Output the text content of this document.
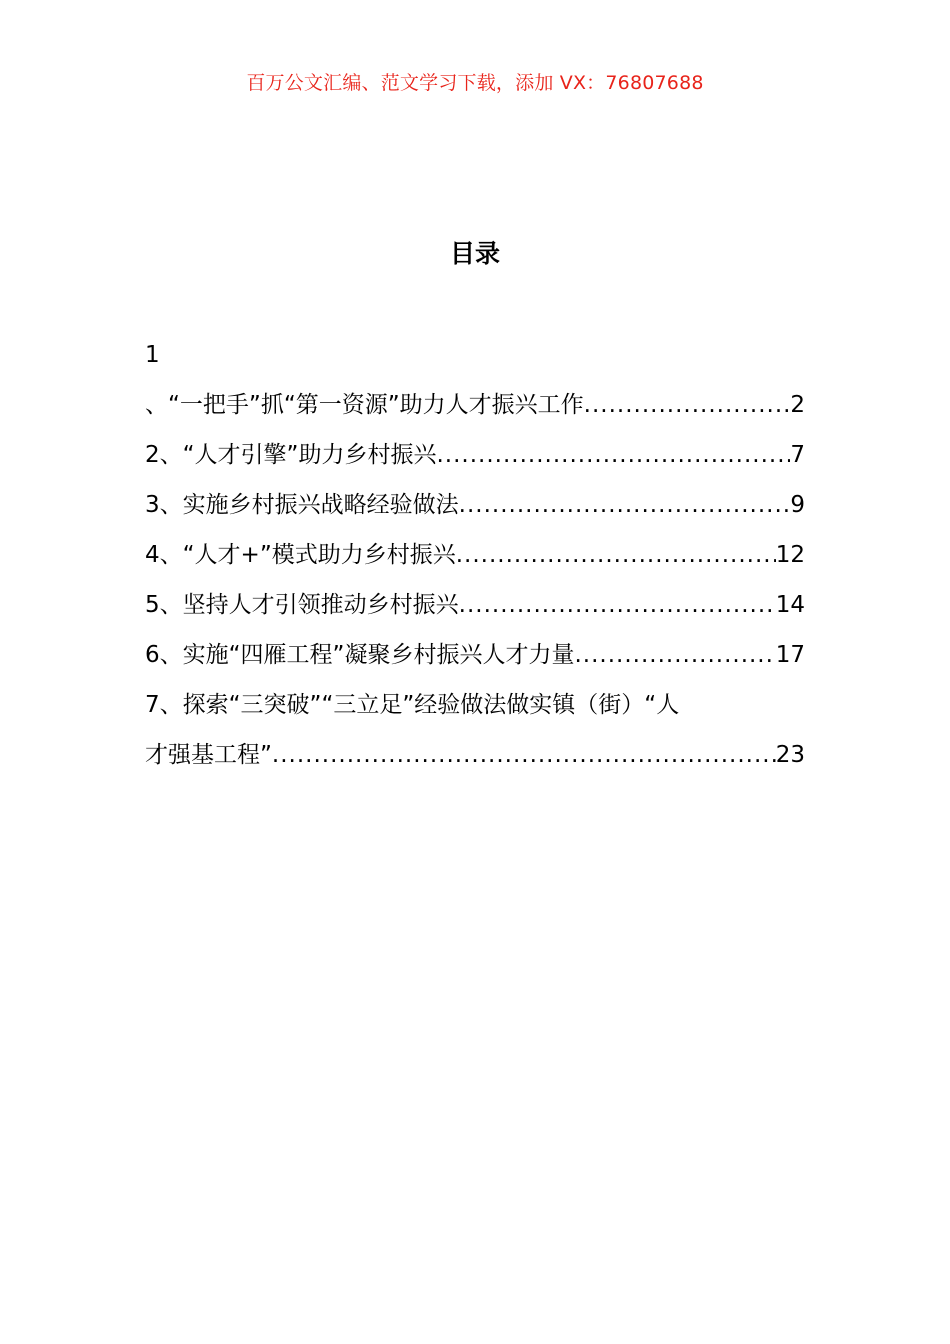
百万公文汇编、范文学习下载，添加 VX：76807688
目录
1
、“一把手”抓“第一资源”助力人才振兴工作 .....	2
2、“人才引擎”助力乡村振兴 .....	7
3、实施乡村振兴战略经验做法 .....	9
4、“人才+”模式助力乡村振兴 .....	12
5、坚持人才引领推动乡村振兴 .....	14
6、实施“四雁工程”凝聚乡村振兴人才力量 .....	17
7、探索“三突破”“三立足”经验做法做实镇（街）“人
才强基工程” .....	23
